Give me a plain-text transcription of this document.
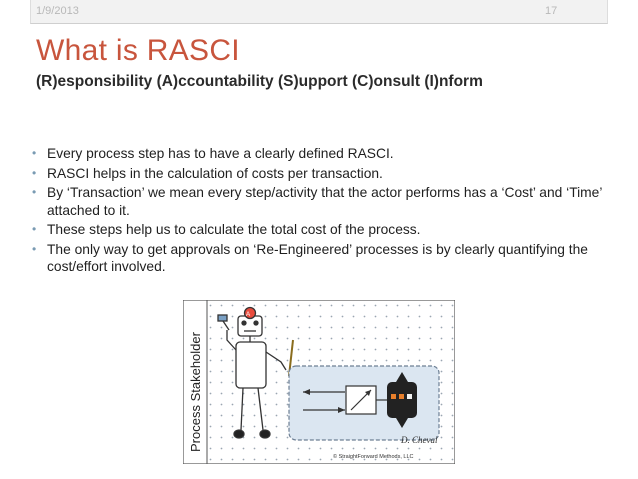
1/9/2013	17
What is RASCI
(R)esponsibility (A)ccountability (S)upport (C)onsult (I)nform
• Every process step has to have a clearly defined RASCI.
• RASCI helps in the calculation of costs per transaction.
• By ‘Transaction’ we mean every step/activity that the actor performs has a ‘Cost’ and ‘Time’ attached to it.
• These steps help us to calculate the total cost of the process.
• The only way to get approvals on ‘Re-Engineered’ processes is by clearly quantifying the cost/effort involved.
Process Stakeholder
A
D. Cheval
© StraightForward Methods, LLC
